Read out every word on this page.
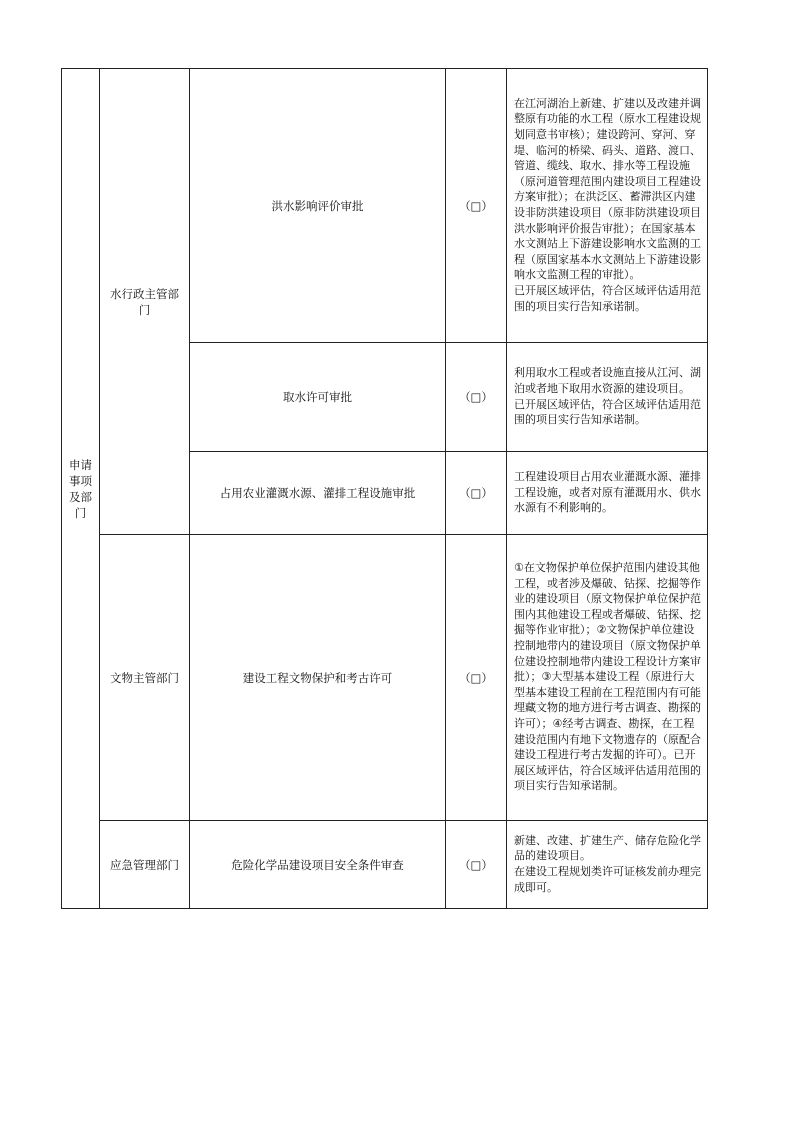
申请事项及部门	水行政主管部门	洪水影响评价审批	（□）	在江河湖治上新建、扩建以及改建并调整原有功能的水工程（原水工程建设规划同意书审核）；建设跨河、穿河、穿堤、临河的桥梁、码头、道路、渡口、管道、缆线、取水、排水等工程设施（原河道管理范围内建设项目工程建设方案审批）；在洪泛区、蓄滞洪区内建设非防洪建设项目（原非防洪建设项目洪水影响评价报告审批）；在国家基本水文测站上下游建设影响水文监测的工程（原国家基本水文测站上下游建设影响水文监测工程的审批）。
已开展区域评估，符合区域评估适用范围的项目实行告知承诺制。

		取水许可审批	（□）	利用取水工程或者设施直接从江河、湖泊或者地下取用水资源的建设项目。
已开展区域评估，符合区域评估适用范围的项目实行告知承诺制。

		占用农业灌溉水源、灌排工程设施审批	（□）	工程建设项目占用农业灌溉水源、灌排工程设施，或者对原有灌溉用水、供水水源有不利影响的。

	文物主管部门	建设工程文物保护和考古许可	（□）	①在文物保护单位保护范围内建设其他工程，或者涉及爆破、钻探、挖掘等作业的建设项目（原文物保护单位保护范围内其他建设工程或者爆破、钻探、挖掘等作业审批）；②文物保护单位建设控制地带内的建设项目（原文物保护单位建设控制地带内建设工程设计方案审批）；③大型基本建设工程（原进行大型基本建设工程前在工程范围内有可能埋藏文物的地方进行考古调查、勘探的许可）；④经考古调查、勘探，在工程建设范围内有地下文物遗存的（原配合建设工程进行考古发掘的许可）。已开展区域评估，符合区域评估适用范围的项目实行告知承诺制。

	应急管理部门	危险化学品建设项目安全条件审查	（□）	新建、改建、扩建生产、储存危险化学品的建设项目。
在建设工程规划类许可证核发前办理完成即可。
